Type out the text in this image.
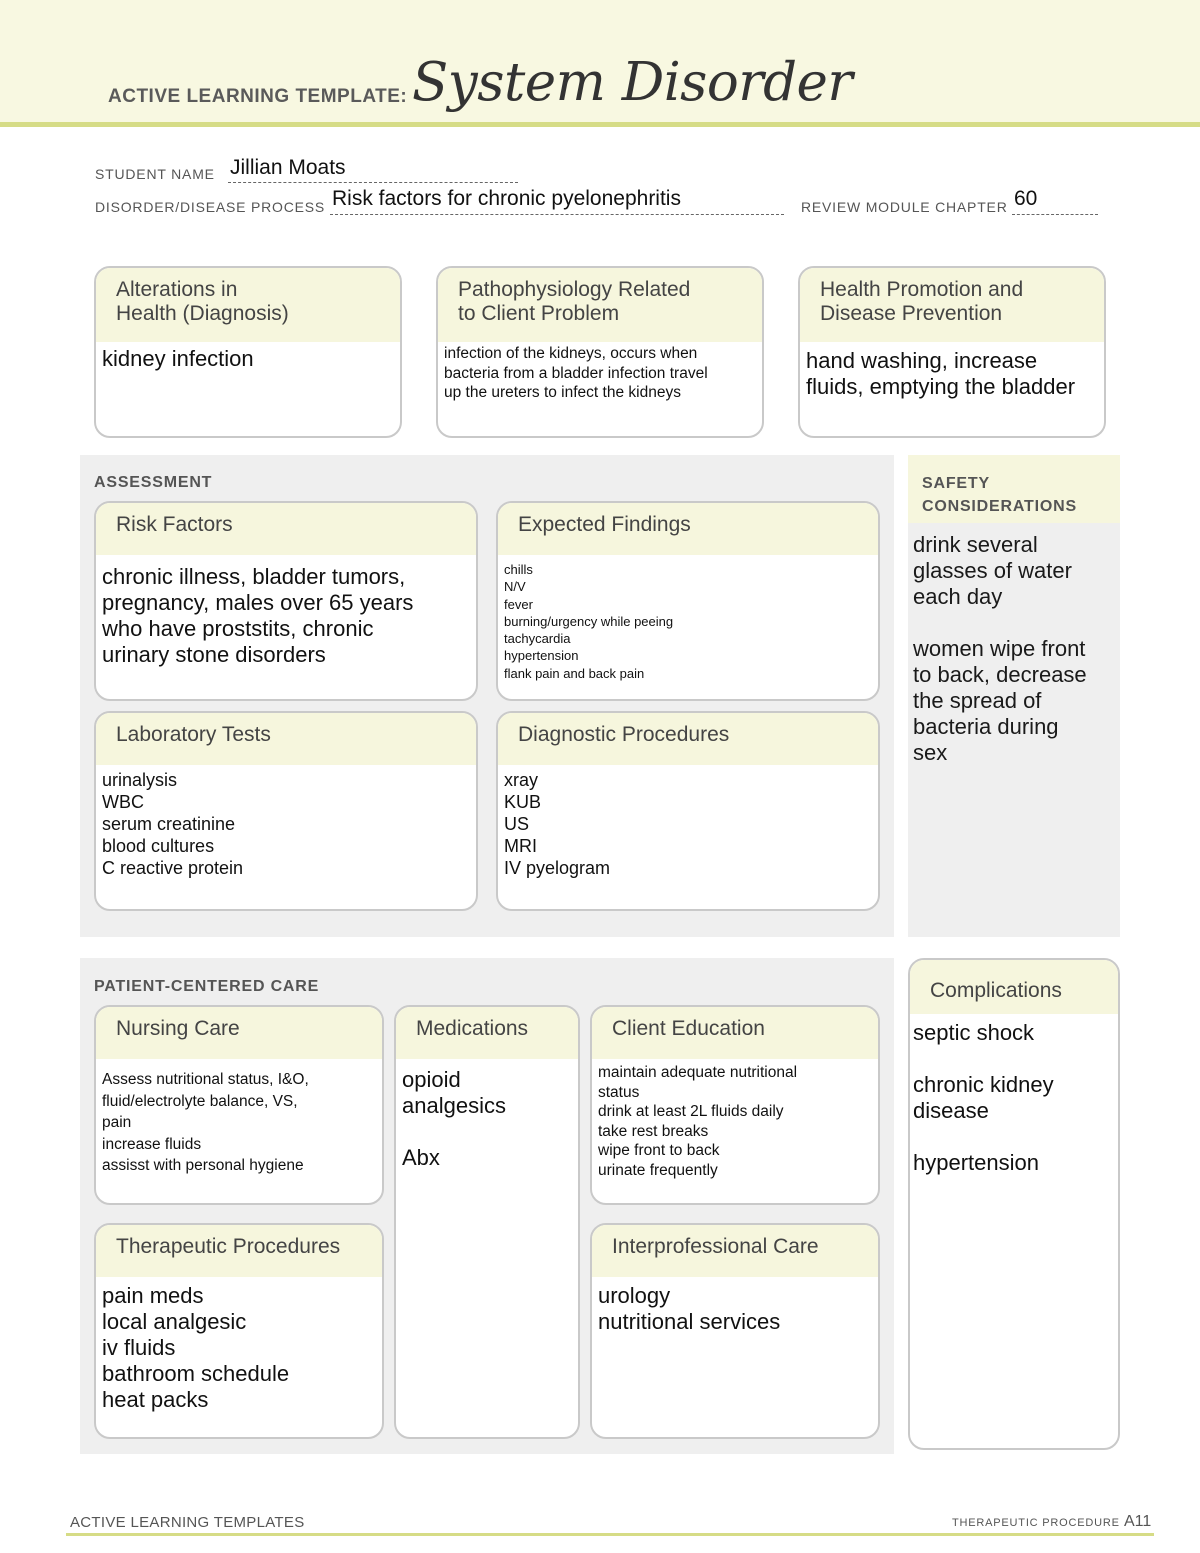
ACTIVE LEARNING TEMPLATE: System Disorder
STUDENT NAME Jillian Moats
DISORDER/DISEASE PROCESS Risk factors for chronic pyelonephritis	REVIEW MODULE CHAPTER 60
Alterations in
Health (Diagnosis)
kidney infection
Pathophysiology Related
to Client Problem
infection of the kidneys, occurs when
bacteria from a bladder infection travel
up the ureters to infect the kidneys
Health Promotion and
Disease Prevention
hand washing, increase
fluids, emptying the bladder
ASSESSMENT
Risk Factors
chronic illness, bladder tumors,
pregnancy, males over 65 years
who have proststits, chronic
urinary stone disorders
Expected Findings
chills
N/V
fever
burning/urgency while peeing
tachycardia
hypertension
flank pain and back pain
Laboratory Tests
urinalysis
WBC
serum creatinine
blood cultures
C reactive protein
Diagnostic Procedures
xray
KUB
US
MRI
IV pyelogram
SAFETY
CONSIDERATIONS
drink several
glasses of water
each day

women wipe front
to back, decrease
the spread of
bacteria during
sex
PATIENT-CENTERED CARE
Nursing Care
Assess nutritional status, I&O,
fluid/electrolyte balance, VS,
pain
increase fluids
assisst with personal hygiene
Medications
opioid
analgesics

Abx
Client Education
maintain adequate nutritional
status
drink at least 2L fluids daily
take rest breaks
wipe front to back
urinate frequently
Therapeutic Procedures
pain meds
local analgesic
iv fluids
bathroom schedule
heat packs
Interprofessional Care
urology
nutritional services
Complications
septic shock

chronic kidney
disease

hypertension
ACTIVE LEARNING TEMPLATES	THERAPEUTIC PROCEDURE A11
